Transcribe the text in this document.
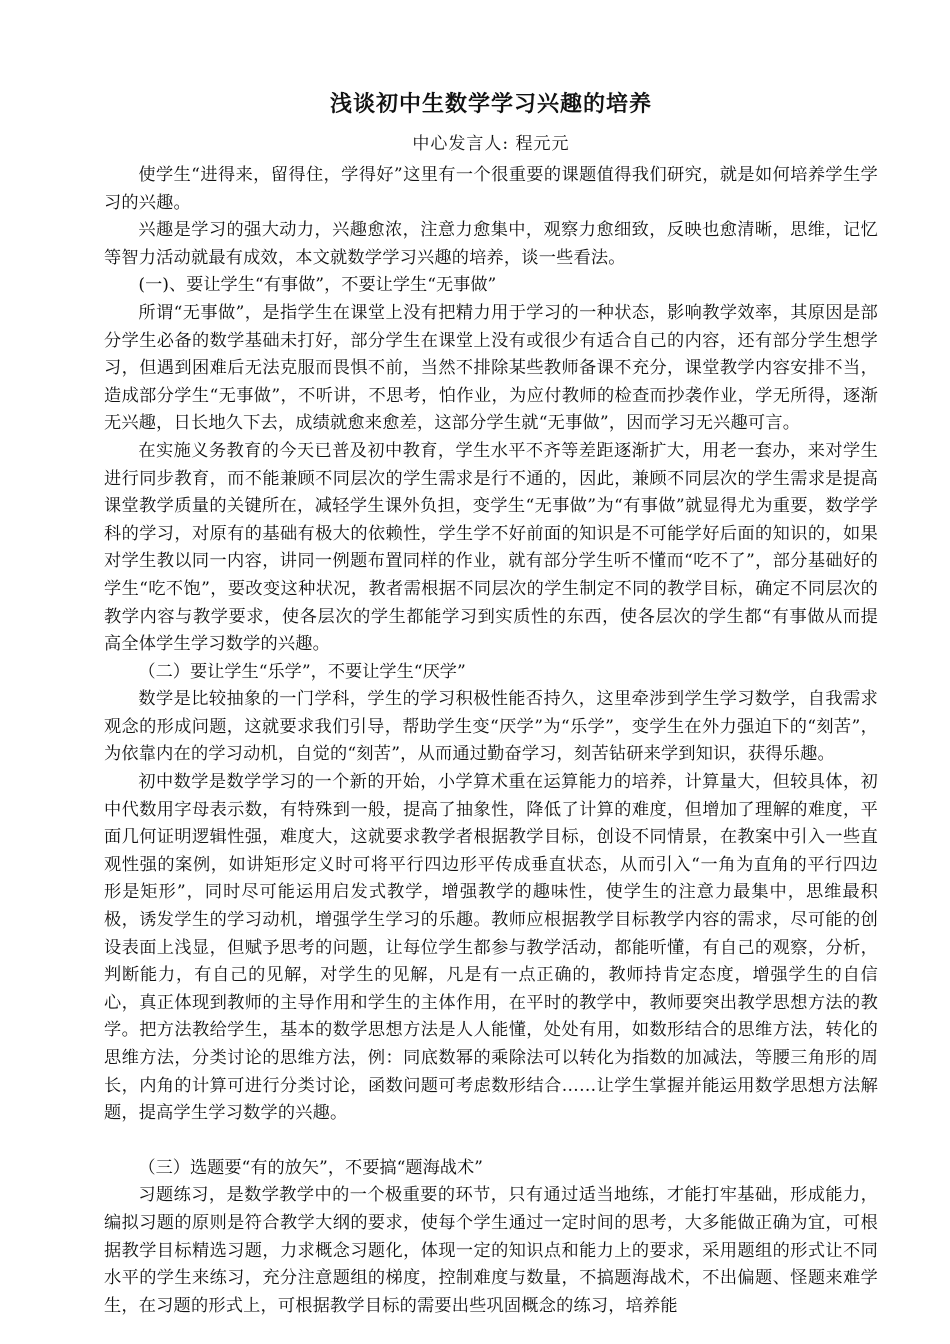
浅谈初中生数学学习兴趣的培养
中心发言人: 程元元

使学生“进得来，留得住，学得好”这里有一个很重要的课题值得我们研究，就是如何培养学生学习的兴趣。

兴趣是学习的强大动力，兴趣愈浓，注意力愈集中，观察力愈细致，反映也愈清晰，思维，记忆等智力活动就最有成效，本文就数学学习兴趣的培养，谈一些看法。

(一)、要让学生“有事做”，不要让学生“无事做”

所谓“无事做”，是指学生在课堂上没有把精力用于学习的一种状态，影响教学效率，其原因是部分学生必备的数学基础未打好，部分学生在课堂上没有或很少有适合自己的内容，还有部分学生想学习，但遇到困难后无法克服而畏惧不前，当然不排除某些教师备课不充分，课堂教学内容安排不当，造成部分学生“无事做”，不听讲，不思考，怕作业，为应付教师的检查而抄袭作业，学无所得，逐渐无兴趣，日长地久下去，成绩就愈来愈差，这部分学生就“无事做”，因而学习无兴趣可言。

在实施义务教育的今天已普及初中教育，学生水平不齐等差距逐渐扩大，用老一套办，来对学生进行同步教育，而不能兼顾不同层次的学生需求是行不通的，因此，兼顾不同层次的学生需求是提高课堂教学质量的关键所在，减轻学生课外负担，变学生“无事做”为“有事做”就显得尤为重要，数学学科的学习，对原有的基础有极大的依赖性，学生学不好前面的知识是不可能学好后面的知识的，如果对学生教以同一内容，讲同一例题布置同样的作业，就有部分学生听不懂而“吃不了”，部分基础好的学生“吃不饱”，要改变这种状况，教者需根据不同层次的学生制定不同的教学目标，确定不同层次的教学内容与教学要求，使各层次的学生都能学习到实质性的东西，使各层次的学生都“有事做从而提高全体学生学习数学的兴趣。

（二）要让学生“乐学”，不要让学生“厌学”

数学是比较抽象的一门学科，学生的学习积极性能否持久，这里牵涉到学生学习数学，自我需求观念的形成问题，这就要求我们引导，帮助学生变“厌学”为“乐学”，变学生在外力强迫下的“刻苦”，为依靠内在的学习动机，自觉的“刻苦”，从而通过勤奋学习，刻苦钻研来学到知识，获得乐趣。

初中数学是数学学习的一个新的开始，小学算术重在运算能力的培养，计算量大，但较具体，初中代数用字母表示数，有特殊到一般，提高了抽象性，降低了计算的难度，但增加了理解的难度，平面几何证明逻辑性强，难度大，这就要求教学者根据教学目标，创设不同情景，在教案中引入一些直观性强的案例，如讲矩形定义时可将平行四边形平传成垂直状态，从而引入“一角为直角的平行四边形是矩形”，同时尽可能运用启发式教学，增强教学的趣味性，使学生的注意力最集中，思维最积极，诱发学生的学习动机，增强学生学习的乐趣。教师应根据教学目标教学内容的需求，尽可能的创设表面上浅显，但赋予思考的问题，让每位学生都参与教学活动，都能听懂，有自己的观察，分析，判断能力，有自己的见解，对学生的见解，凡是有一点正确的，教师持肯定态度，增强学生的自信心，真正体现到教师的主导作用和学生的主体作用，在平时的教学中，教师要突出教学思想方法的教学。把方法教给学生，基本的数学思想方法是人人能懂，处处有用，如数形结合的思维方法，转化的思维方法，分类讨论的思维方法，例：同底数幂的乘除法可以转化为指数的加减法，等腰三角形的周长，内角的计算可进行分类讨论，函数问题可考虑数形结合……让学生掌握并能运用数学思想方法解题，提高学生学习数学的兴趣。

（三）选题要“有的放矢”，不要搞“题海战术”

习题练习，是数学教学中的一个极重要的环节，只有通过适当地练，才能打牢基础，形成能力，编拟习题的原则是符合教学大纲的要求，使每个学生通过一定时间的思考，大多能做正确为宜，可根据教学目标精选习题，力求概念习题化，体现一定的知识点和能力上的要求，采用题组的形式让不同水平的学生来练习，充分注意题组的梯度，控制难度与数量，不搞题海战术，不出偏题、怪题来难学生，在习题的形式上，可根据教学目标的需要出些巩固概念的练习，培养能
